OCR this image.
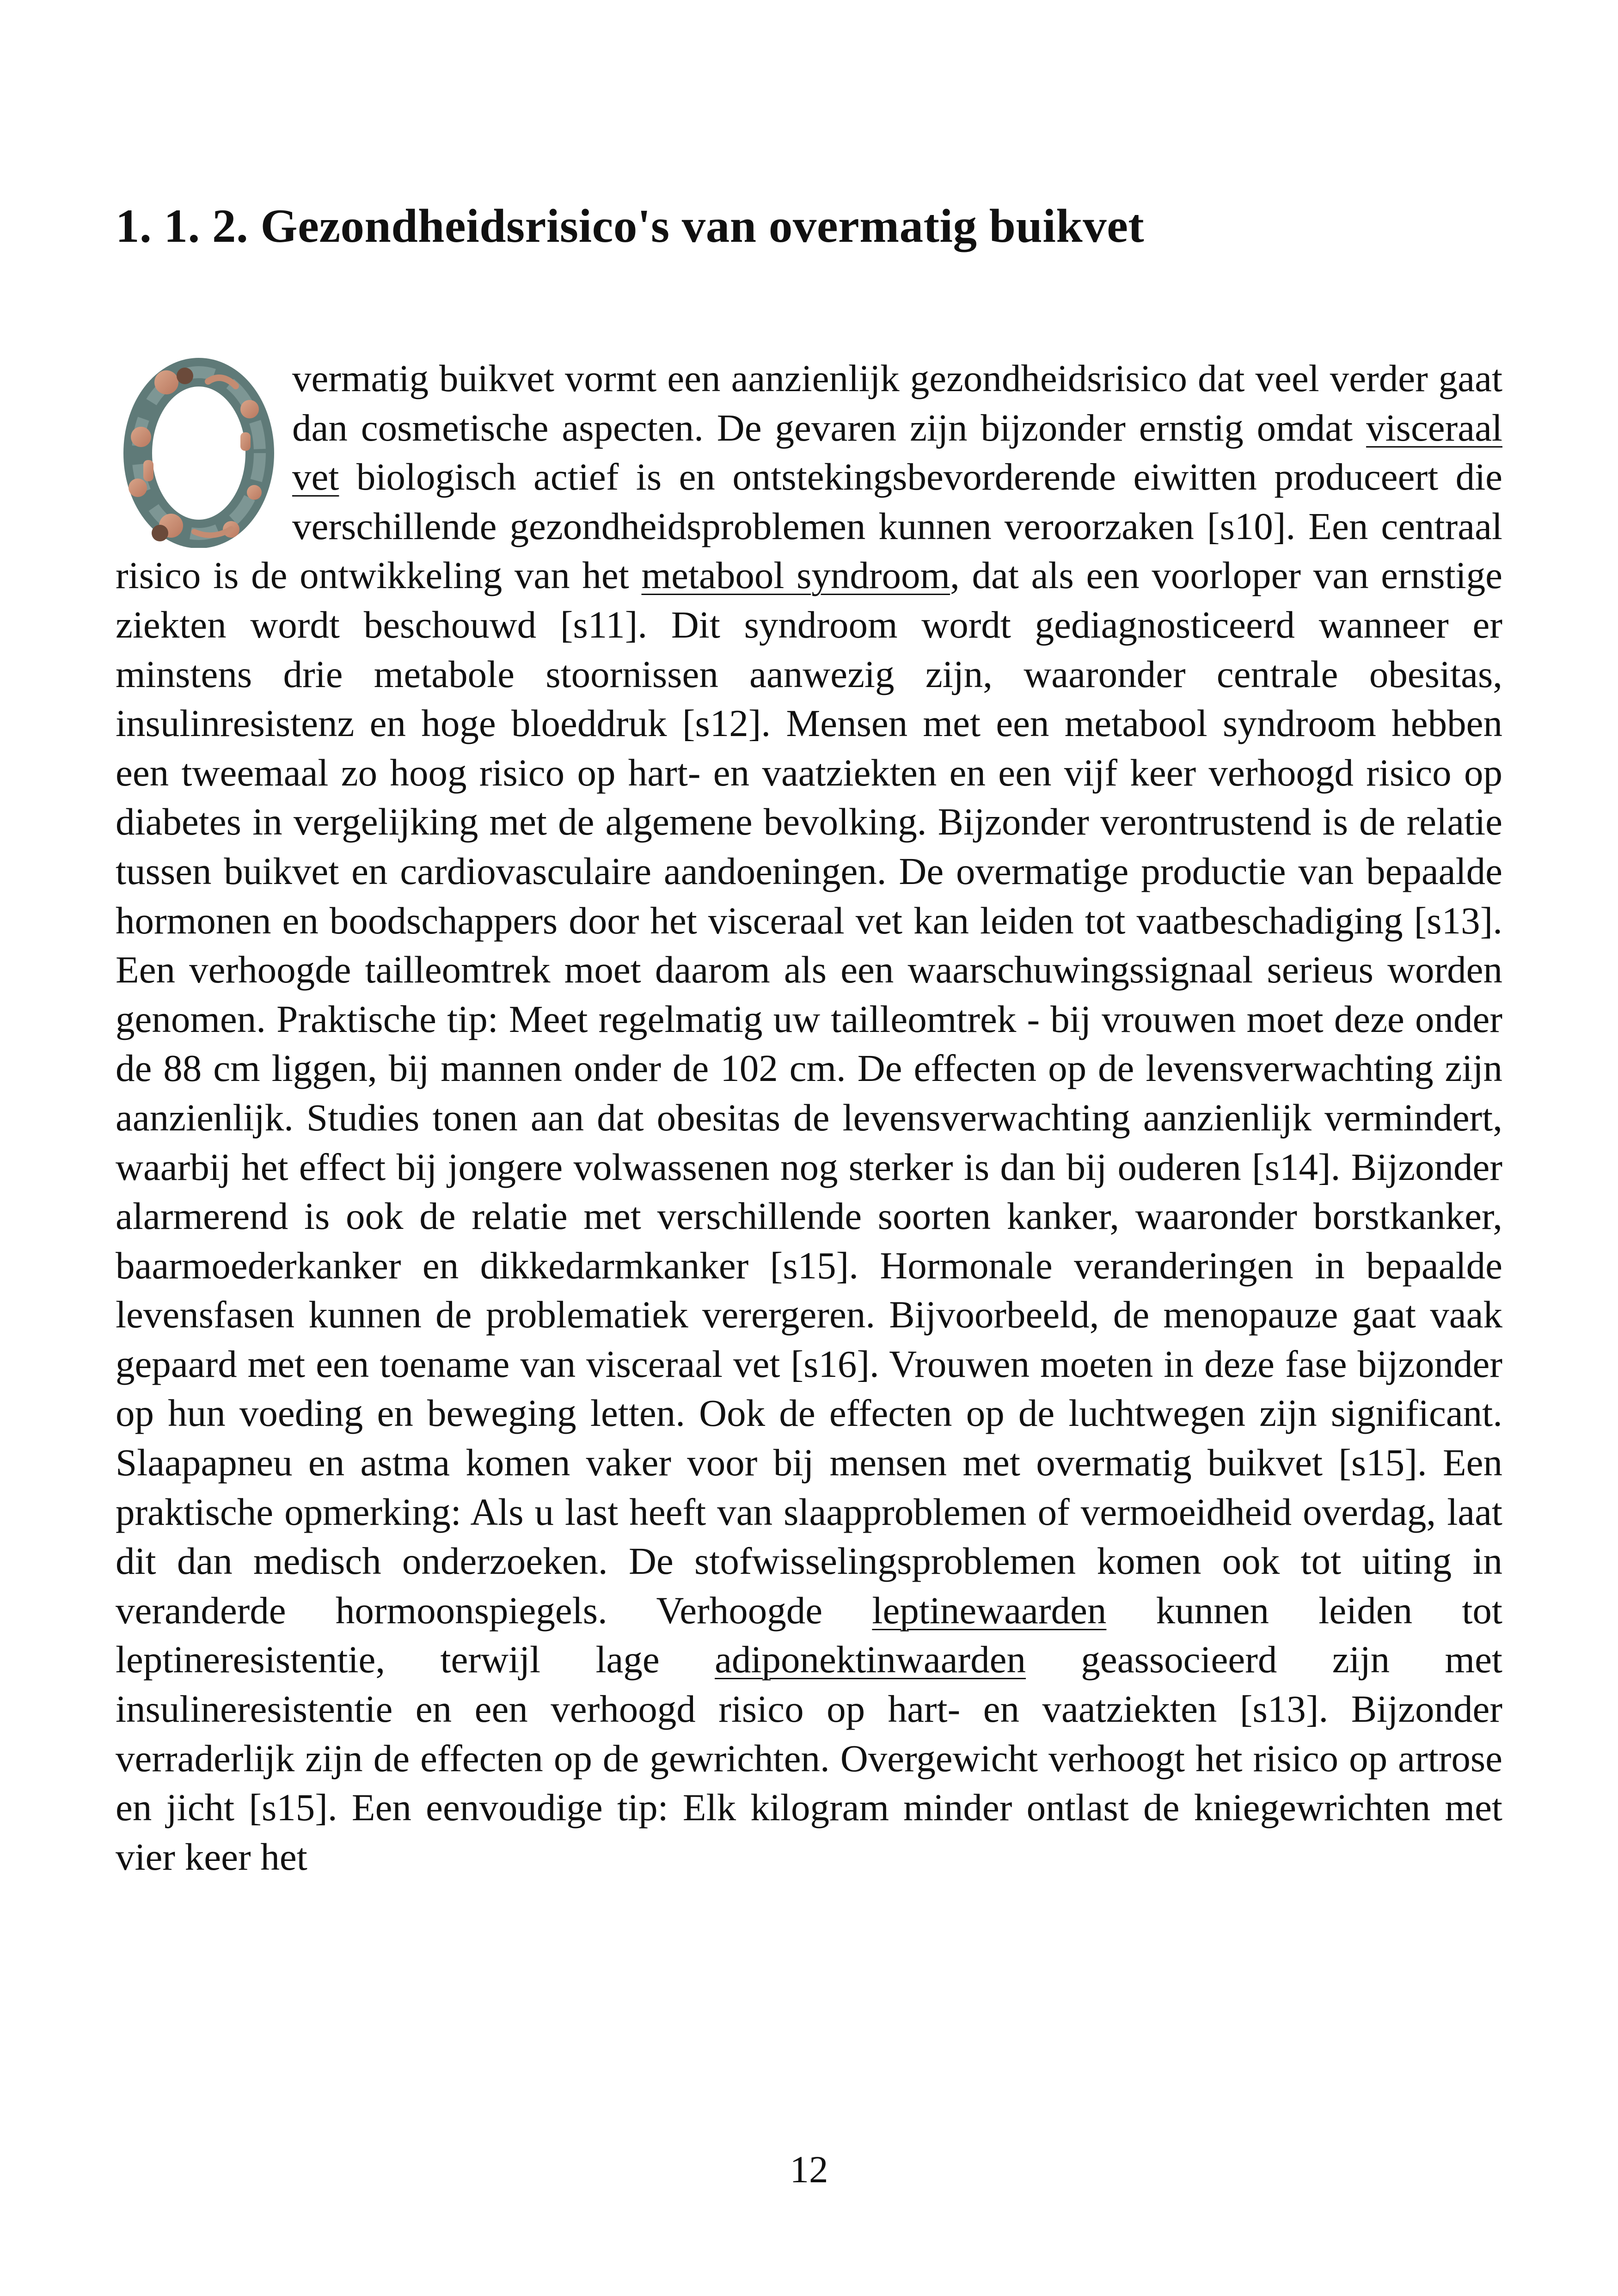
1. 1. 2. Gezondheidsrisico's van overmatig buikvet

vermatig buikvet vormt een aanzienlijk gezondheidsrisico dat veel verder gaat dan cosmetische aspecten. De gevaren zijn bijzonder ernstig omdat visceraal vet biologisch actief is en ontstekingsbevorderende eiwitten produceert die verschillende gezondheidsproblemen kunnen veroorzaken [s10]. Een centraal risico is de ontwikkeling van het metabool syndroom, dat als een voorloper van ernstige ziekten wordt beschouwd [s11]. Dit syndroom wordt gediagnosticeerd wanneer er minstens drie metabole stoornissen aanwezig zijn, waaronder centrale obesitas, insulinresistenz en hoge bloeddruk [s12]. Mensen met een metabool syndroom hebben een tweemaal zo hoog risico op hart- en vaatziekten en een vijf keer verhoogd risico op diabetes in vergelijking met de algemene bevolking. Bijzonder verontrustend is de relatie tussen buikvet en cardiovasculaire aandoeningen. De overmatige productie van bepaalde hormonen en boodschappers door het visceraal vet kan leiden tot vaatbeschadiging [s13]. Een verhoogde tailleomtrek moet daarom als een waarschuwingssignaal serieus worden genomen. Praktische tip: Meet regelmatig uw tailleomtrek - bij vrouwen moet deze onder de 88 cm liggen, bij mannen onder de 102 cm. De effecten op de levensverwachting zijn aanzienlijk. Studies tonen aan dat obesitas de levensverwachting aanzienlijk vermindert, waarbij het effect bij jongere volwassenen nog sterker is dan bij ouderen [s14]. Bijzonder alarmerend is ook de relatie met verschillende soorten kanker, waaronder borstkanker, baarmoederkanker en dikkedarmkanker [s15]. Hormonale veranderingen in bepaalde levensfasen kunnen de problematiek verergeren. Bijvoorbeeld, de menopauze gaat vaak gepaard met een toename van visceraal vet [s16]. Vrouwen moeten in deze fase bijzonder op hun voeding en beweging letten. Ook de effecten op de luchtwegen zijn significant. Slaapapneu en astma komen vaker voor bij mensen met overmatig buikvet [s15]. Een praktische opmerking: Als u last heeft van slaapproblemen of vermoeidheid overdag, laat dit dan medisch onderzoeken. De stofwisselingsproblemen komen ook tot uiting in veranderde hormoonspiegels. Verhoogde leptinewaarden kunnen leiden tot leptineresistentie, terwijl lage adiponektinwaarden geassocieerd zijn met insulineresistentie en een verhoogd risico op hart- en vaatziekten [s13]. Bijzonder verraderlijk zijn de effecten op de gewrichten. Overgewicht verhoogt het risico op artrose en jicht [s15]. Een eenvoudige tip: Elk kilogram minder ontlast de kniegewrichten met vier keer het

12
